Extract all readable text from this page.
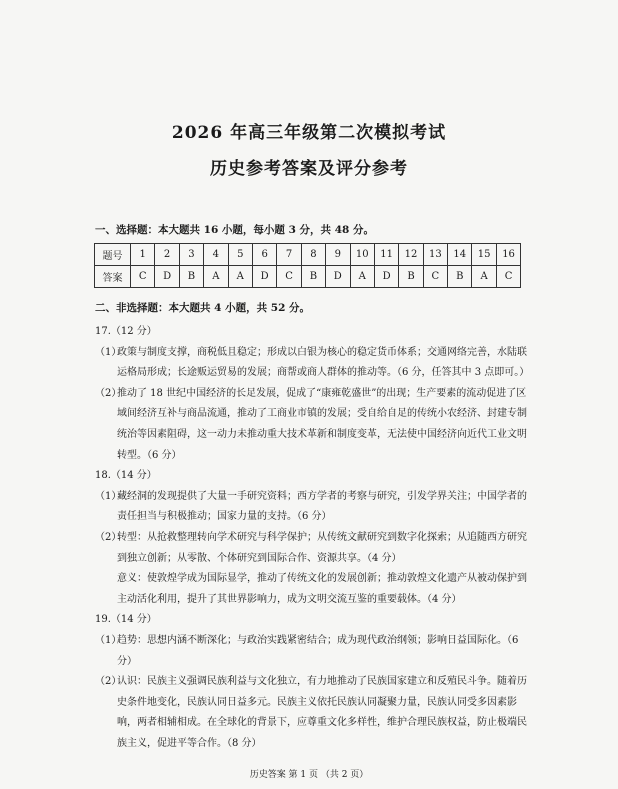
2026 年高三年级第二次模拟考试
历史参考答案及评分参考
一、选择题：本大题共 16 小题，每小题 3 分，共 48 分。
题号	1	2	3	4	5	6	7	8	9	10	11	12	13	14	15	16
答案	C	D	B	A	A	D	C	B	D	A	D	B	C	B	A	C
二、非选择题：本大题共 4 小题，共 52 分。

17.（12 分）

（1）
政策与制度支撑，商税低且稳定；形成以白银为核心的稳定货币体系；交通网络完善，水陆联运格局形成；长途贩运贸易的发展；商帮或商人群体的推动等。（6 分，任答其中 3 点即可。）

（2）
推动了 18 世纪中国经济的长足发展，促成了“康雍乾盛世”的出现；生产要素的流动促进了区域间经济互补与商品流通，推动了工商业市镇的发展；受自给自足的传统小农经济、封建专制统治等因素阻碍，这一动力未推动重大技术革新和制度变革，无法使中国经济向近代工业文明转型。（6 分）

18.（14 分）

（1）
藏经洞的发现提供了大量一手研究资料；西方学者的考察与研究，引发学界关注；中国学者的责任担当与积极推动；国家力量的支持。（6 分）

（2）
转型：从抢救整理转向学术研究与科学保护；从传统文献研究到数字化探索；从追随西方研究到独立创新；从零散、个体研究到国际合作、资源共享。（4 分）

意义：使敦煌学成为国际显学，推动了传统文化的发展创新；推动敦煌文化遗产从被动保护到主动活化利用，提升了其世界影响力，成为文明交流互鉴的重要载体。（4 分）

19.（14 分）

（1）
趋势：思想内涵不断深化；与政治实践紧密结合；成为现代政治纲领；影响日益国际化。（6 分）

（2）
认识：民族主义强调民族利益与文化独立，有力地推动了民族国家建立和反殖民斗争。随着历史条件地变化，民族认同日益多元。民族主义依托民族认同凝聚力量，民族认同受多因素影响，两者相辅相成。在全球化的背景下，应尊重文化多样性，维护合理民族权益，防止极端民族主义，促进平等合作。（8 分）

历史答案 第 1 页 （共 2 页）
